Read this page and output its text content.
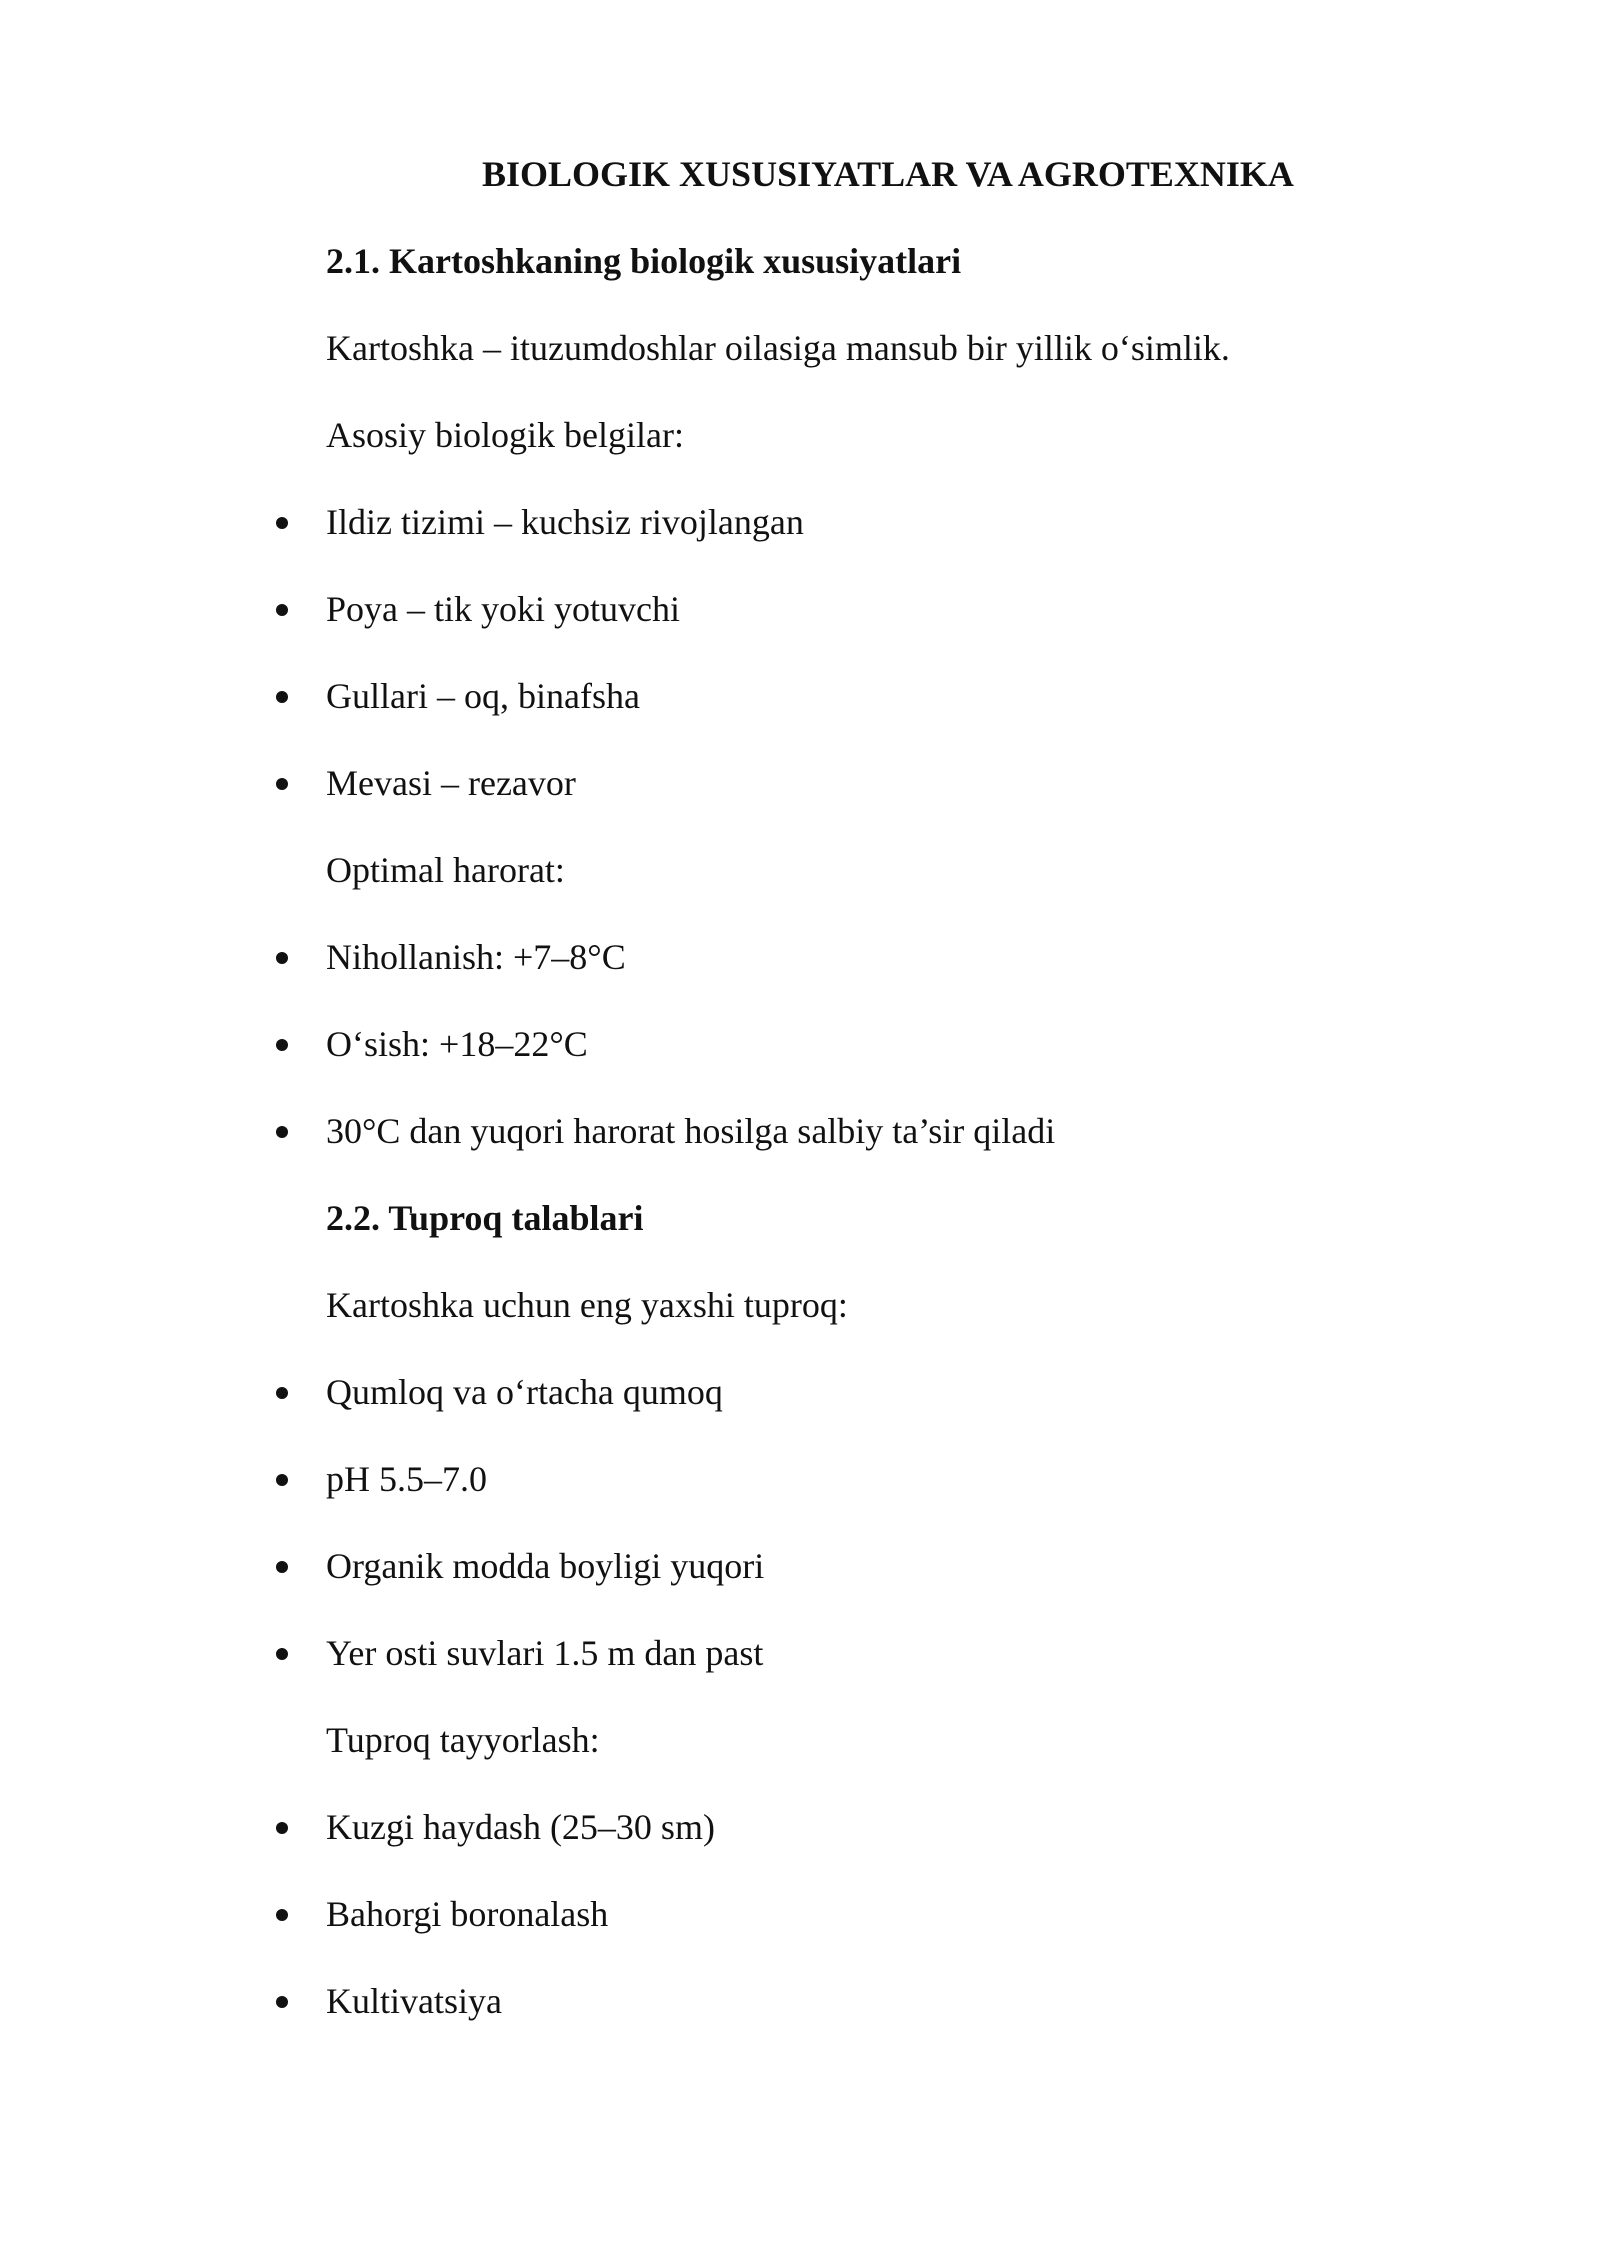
BIOLOGIK XUSUSIYATLAR VA AGROTEXNIKA
2.1. Kartoshkaning biologik xususiyatlari
Kartoshka – ituzumdoshlar oilasiga mansub bir yillik o‘simlik.
Asosiy biologik belgilar:
Ildiz tizimi – kuchsiz rivojlangan
Poya – tik yoki yotuvchi
Gullari – oq, binafsha
Mevasi – rezavor
Optimal harorat:
Nihollanish: +7–8°C
O‘sish: +18–22°C
30°C dan yuqori harorat hosilga salbiy ta’sir qiladi
2.2. Tuproq talablari
Kartoshka uchun eng yaxshi tuproq:
Qumloq va o‘rtacha qumoq
pH 5.5–7.0
Organik modda boyligi yuqori
Yer osti suvlari 1.5 m dan past
Tuproq tayyorlash:
Kuzgi haydash (25–30 sm)
Bahorgi boronalash
Kultivatsiya
